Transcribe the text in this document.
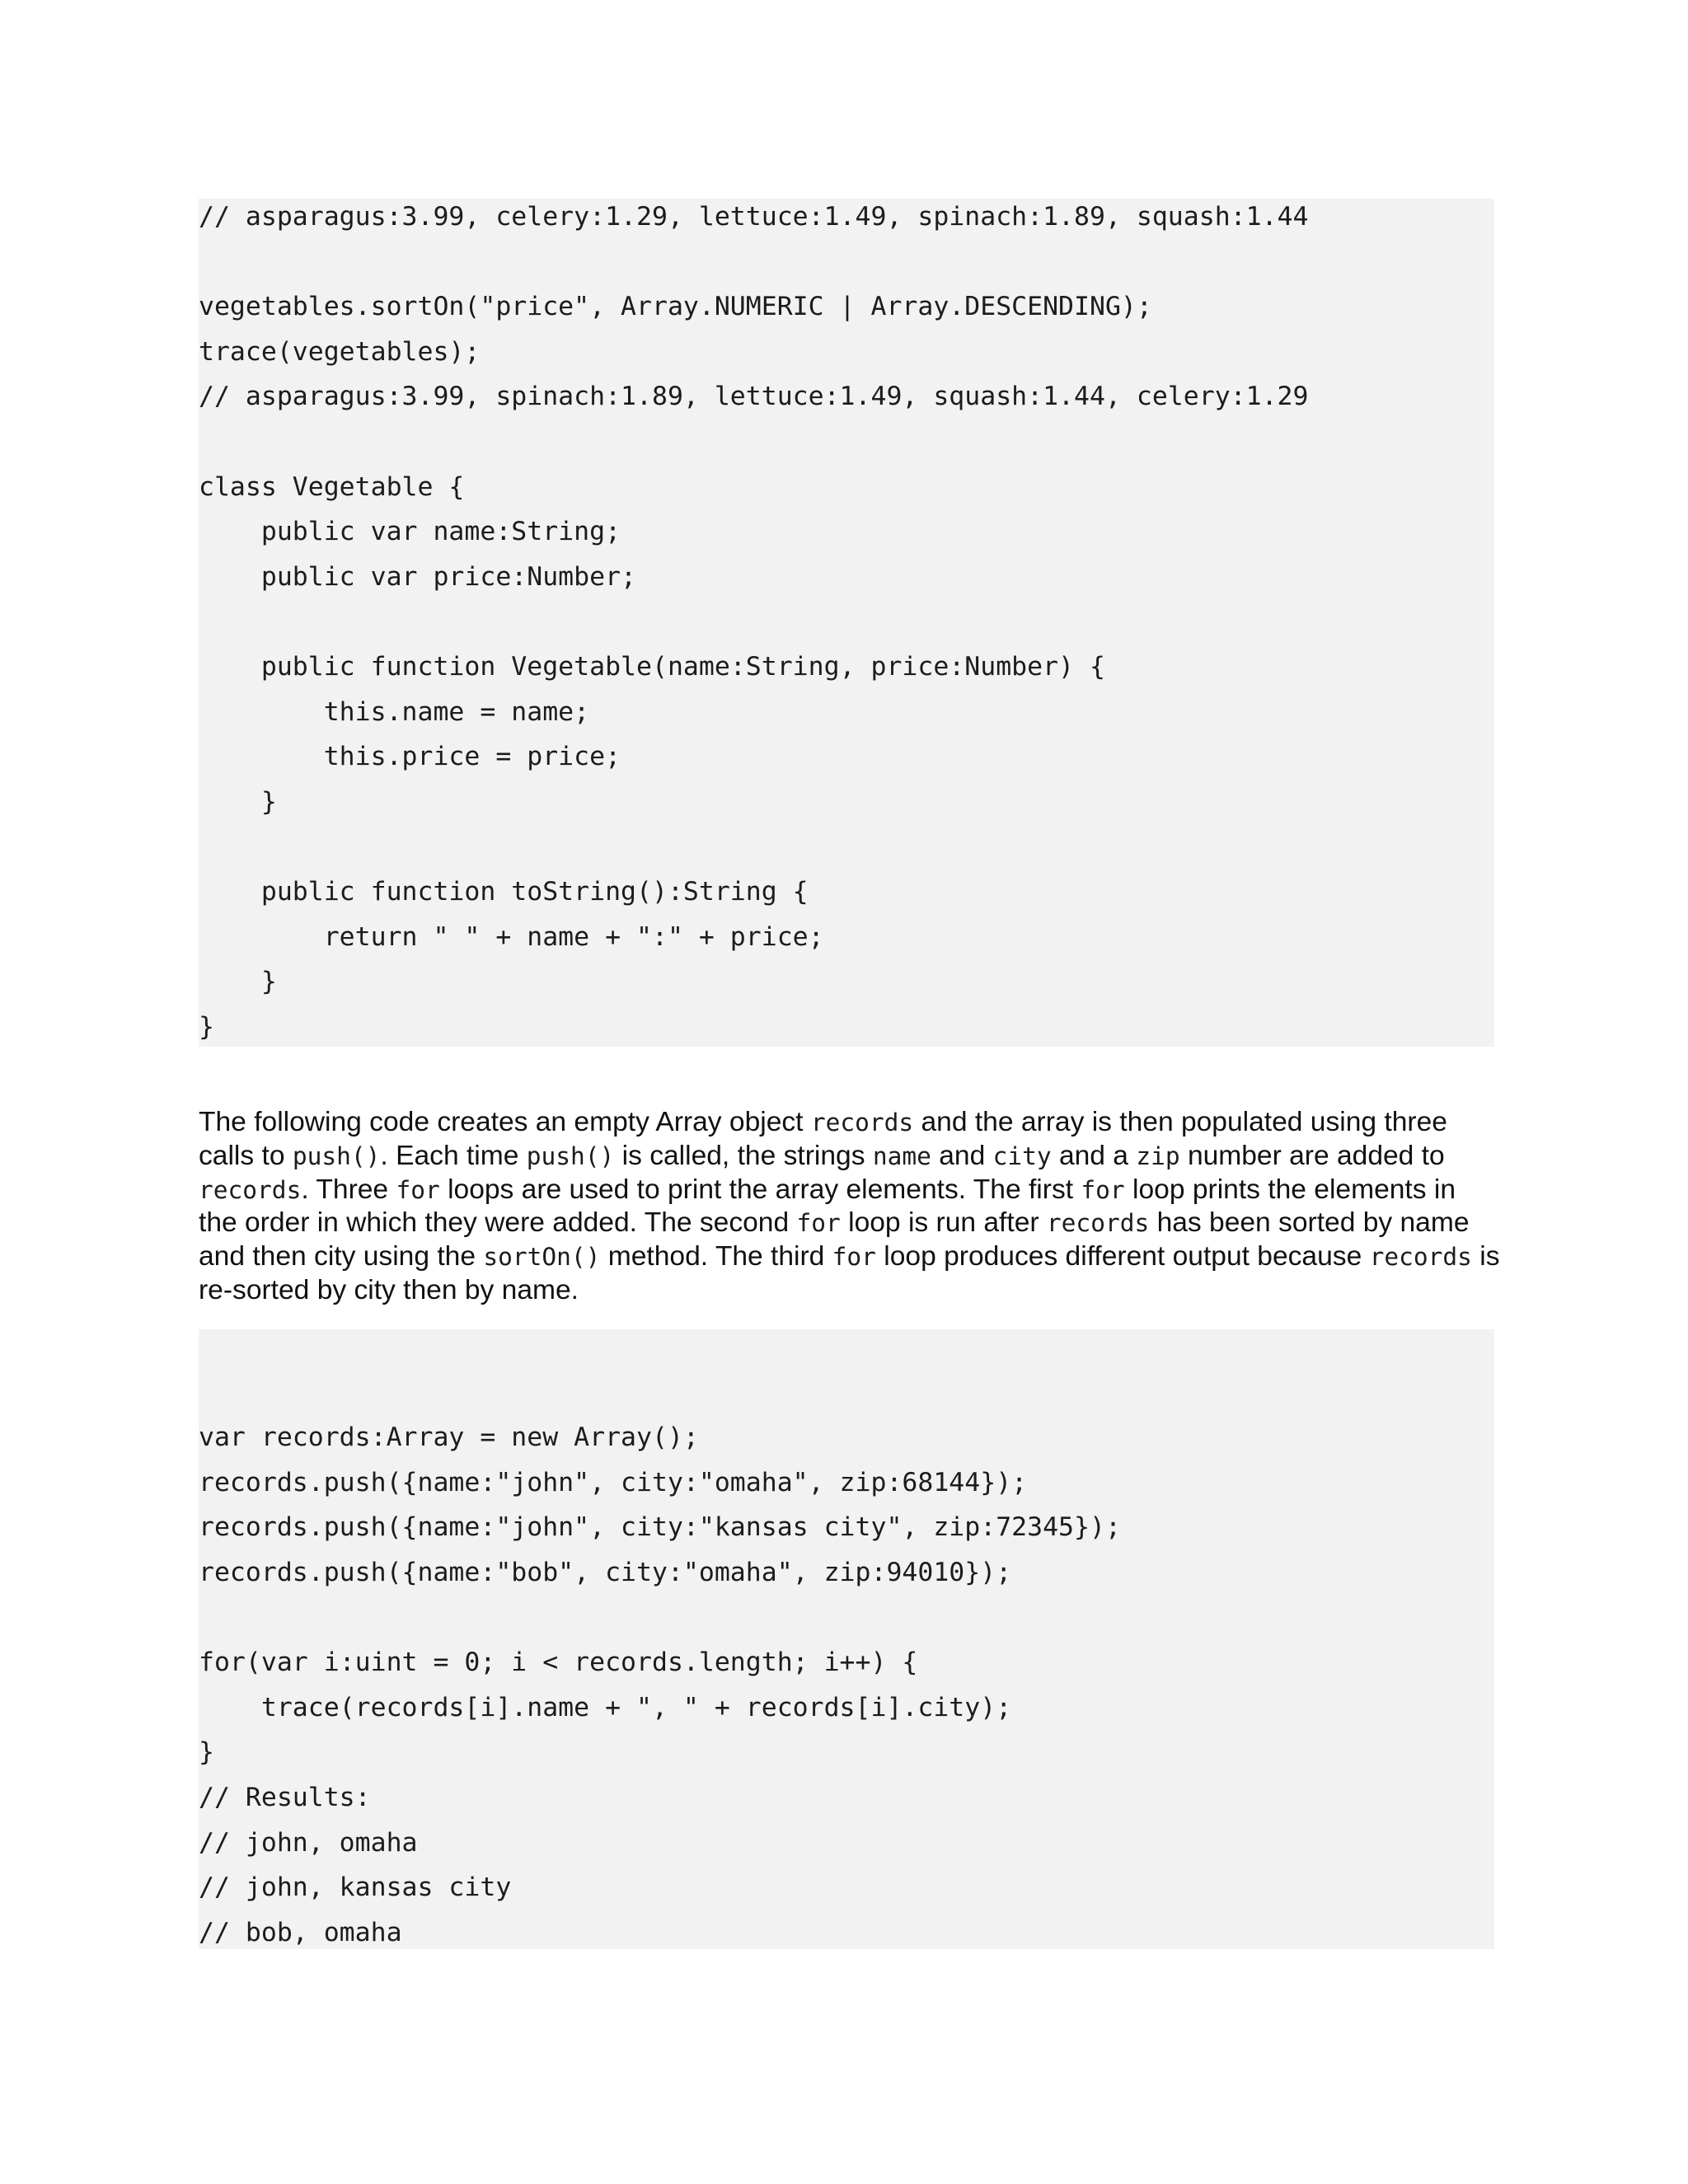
// asparagus:3.99, celery:1.29, lettuce:1.49, spinach:1.89, squash:1.44
vegetables.sortOn("price", Array.NUMERIC | Array.DESCENDING);
trace(vegetables);
// asparagus:3.99, spinach:1.89, lettuce:1.49, squash:1.44, celery:1.29
class Vegetable {
public var name:String;
public var price:Number;
public function Vegetable(name:String, price:Number) {
this.name = name;
this.price = price;
}
public function toString():String {
return " " + name + ":" + price;
}
}

The following code creates an empty Array object records and the array is then populated using three calls to push(). Each time push() is called, the strings name and city and a zip number are added to records. Three for loops are used to print the array elements. The first for loop prints the elements in the order in which they were added. The second for loop is run after records has been sorted by name and then city using the sortOn() method. The third for loop produces different output because records is re-sorted by city then by name.

var records:Array = new Array();
records.push({name:"john", city:"omaha", zip:68144});
records.push({name:"john", city:"kansas city", zip:72345});
records.push({name:"bob", city:"omaha", zip:94010});
for(var i:uint = 0; i < records.length; i++) {
trace(records[i].name + ", " + records[i].city);
}
// Results:
// john, omaha
// john, kansas city
// bob, omaha
